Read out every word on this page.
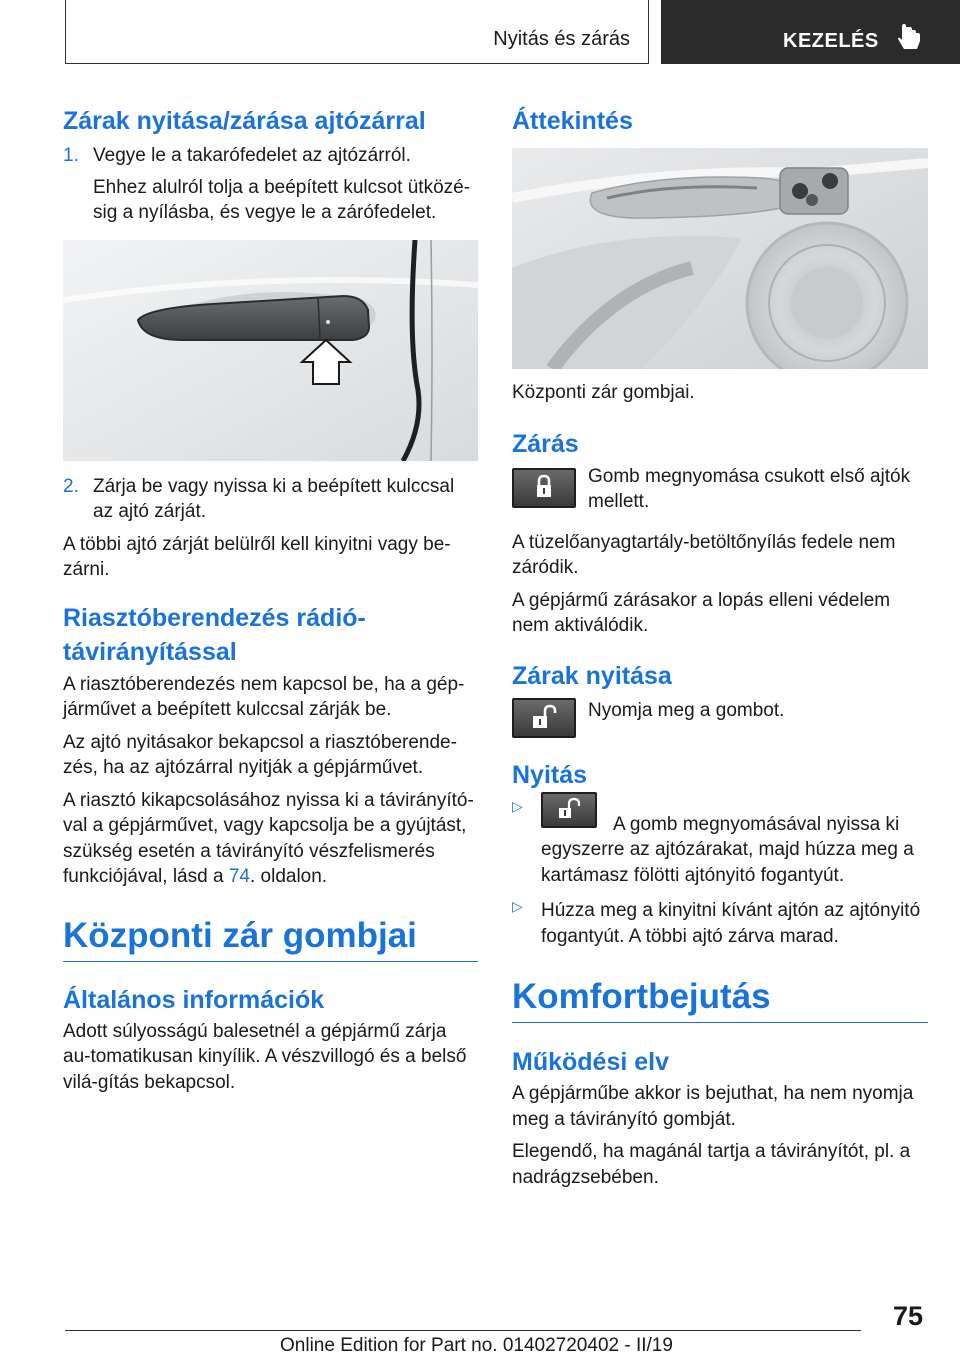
Nyitás és zárás	KEZELÉS
Zárak nyitása/zárása ajtózárral

1. Vegye le a takarófedelet az ajtózárról.

Ehhez alulról tolja a beépített kulcsot ütközé-sig a nyílásba, és vegye le a zárófedelet.

2. Zárja be vagy nyissa ki a beépített kulccsal az ajtó zárját.

A többi ajtó zárját belülről kell kinyitni vagy be-zárni.

Riasztóberendezés rádió-távirányítással

A riasztóberendezés nem kapcsol be, ha a gép-járművet a beépített kulccsal zárják be.

Az ajtó nyitásakor bekapcsol a riasztóberende-zés, ha az ajtózárral nyitják a gépjárművet.

A riasztó kikapcsolásához nyissa ki a távirányító-val a gépjárművet, vagy kapcsolja be a gyújtást, szükség esetén a távirányító vészfelismerés funkciójával, lásd a 74. oldalon.

Központi zár gombjai
Általános információk

Adott súlyosságú balesetnél a gépjármű zárja au-tomatikusan kinyílik. A vészvillogó és a belső vilá-gítás bekapcsol.

Áttekintés

Központi zár gombjai.

Zárás

Gomb megnyomása csukott első ajtók mellett.

A tüzelőanyagtartály-betöltőnyílás fedele nem záródik.

A gépjármű zárásakor a lopás elleni védelem nem aktiválódik.

Zárak nyitása

Nyomja meg a gombot.

Nyitás
▷

A gomb megnyomásával nyissa ki egyszerre az ajtózárakat, majd húzza meg a kartámasz fölötti ajtónyitó fogantyút.

▷ Húzza meg a kinyitni kívánt ajtón az ajtónyitó fogantyút. A többi ajtó zárva marad.

Komfortbejutás
Működési elv

A gépjárműbe akkor is bejuthat, ha nem nyomja meg a távirányító gombját.

Elegendő, ha magánál tartja a távirányítót, pl. a nadrágzsebében.

75
Online Edition for Part no. 01402720402 - II/19
